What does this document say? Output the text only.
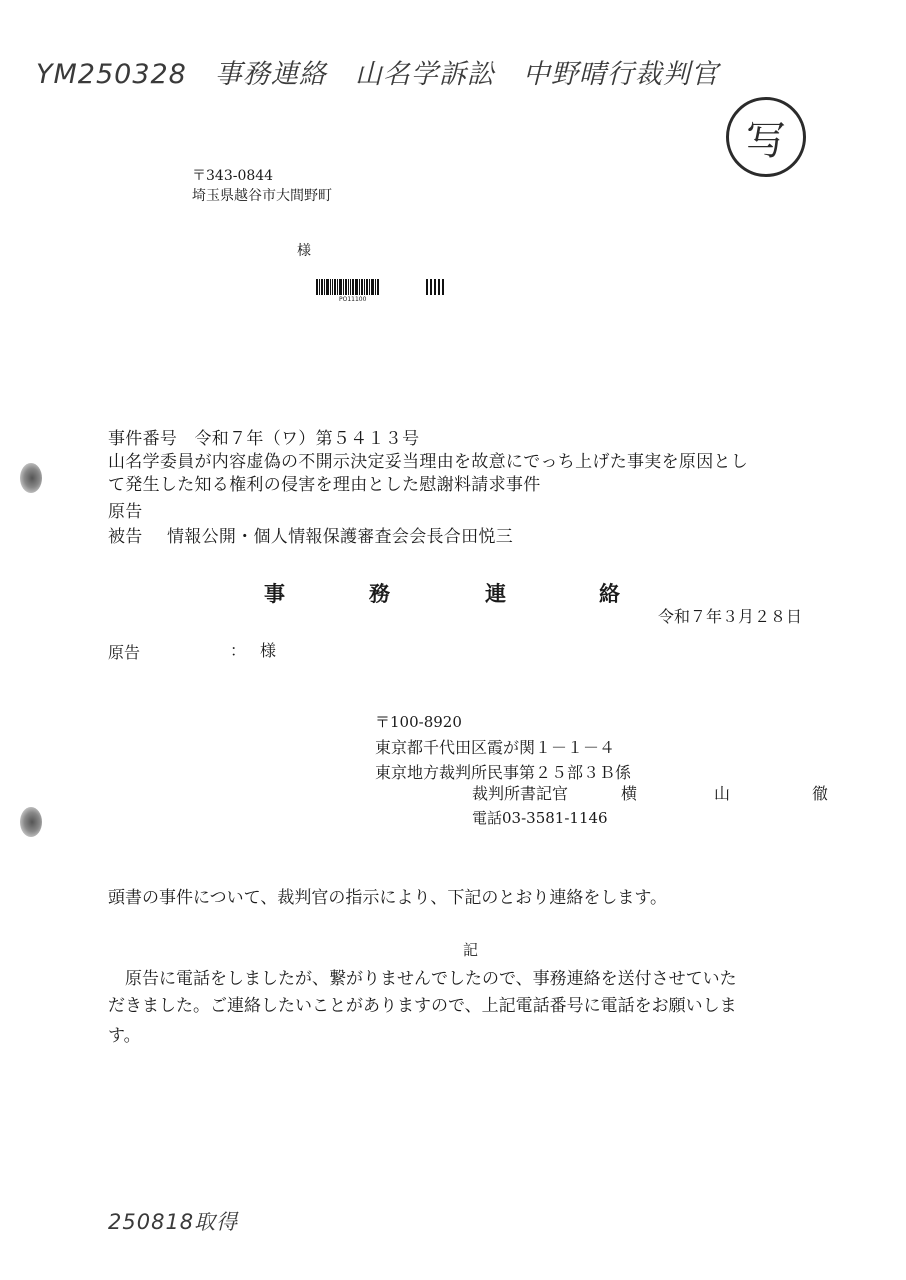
YM250328　事務連絡　山名学訴訟　中野晴行裁判官
写
〒343-0844
埼玉県越谷市大間野町
様
PO11100
事件番号　令和７年（ワ）第５４１３号
山名学委員が内容虚偽の不開示決定妥当理由を故意にでっち上げた事実を原因とし
て発生した知る権利の侵害を理由とした慰謝料請求事件
原告
被告 情報公開・個人情報保護審査会会長合田悦三
事	務	連	絡
令和７年３月２８日
原告	： 様
〒100-8920
東京都千代田区霞が関１－１－４
東京地方裁判所民事第２５部３Ｂ係
裁判所書記官	横	山	徹
電話03-3581-1146
頭書の事件について、裁判官の指示により、下記のとおり連絡をします。
記
　原告に電話をしましたが、繋がりませんでしたので、事務連絡を送付させていた
だきました。ご連絡したいことがありますので、上記電話番号に電話をお願いしま
す。
250818取得
